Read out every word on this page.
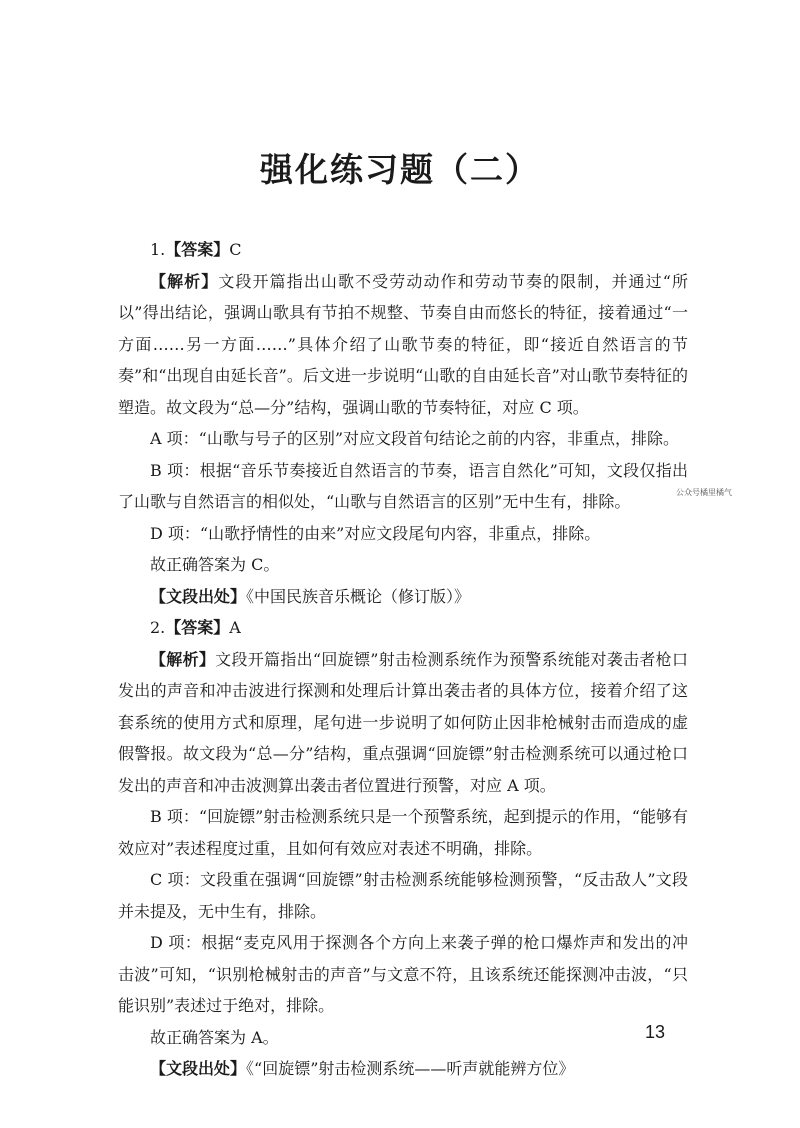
强化练习题（二）

1.【答案】C

【解析】文段开篇指出山歌不受劳动动作和劳动节奏的限制，并通过“所以”得出结论，强调山歌具有节拍不规整、节奏自由而悠长的特征，接着通过“一方面……另一方面……”具体介绍了山歌节奏的特征，即“接近自然语言的节奏”和“出现自由延长音”。后文进一步说明“山歌的自由延长音”对山歌节奏特征的塑造。故文段为“总—分”结构，强调山歌的节奏特征，对应 C 项。

A 项：“山歌与号子的区别”对应文段首句结论之前的内容，非重点，排除。

B 项：根据“音乐节奏接近自然语言的节奏，语言自然化”可知，文段仅指出了山歌与自然语言的相似处，“山歌与自然语言的区别”无中生有，排除。

D 项：“山歌抒情性的由来”对应文段尾句内容，非重点，排除。

故正确答案为 C。

【文段出处】《中国民族音乐概论（修订版）》

2.【答案】A

【解析】文段开篇指出“回旋镖”射击检测系统作为预警系统能对袭击者枪口发出的声音和冲击波进行探测和处理后计算出袭击者的具体方位，接着介绍了这套系统的使用方式和原理，尾句进一步说明了如何防止因非枪械射击而造成的虚假警报。故文段为“总—分”结构，重点强调“回旋镖”射击检测系统可以通过枪口发出的声音和冲击波测算出袭击者位置进行预警，对应 A 项。

B 项：“回旋镖”射击检测系统只是一个预警系统，起到提示的作用，“能够有效应对”表述程度过重，且如何有效应对表述不明确，排除。

C 项：文段重在强调“回旋镖”射击检测系统能够检测预警，“反击敌人”文段并未提及，无中生有，排除。

D 项：根据“麦克风用于探测各个方向上来袭子弹的枪口爆炸声和发出的冲击波”可知，“识别枪械射击的声音”与文意不符，且该系统还能探测冲击波，“只能识别”表述过于绝对，排除。

故正确答案为 A。

【文段出处】《“回旋镖”射击检测系统——听声就能辨方位》

公众号橘里橘气
13
